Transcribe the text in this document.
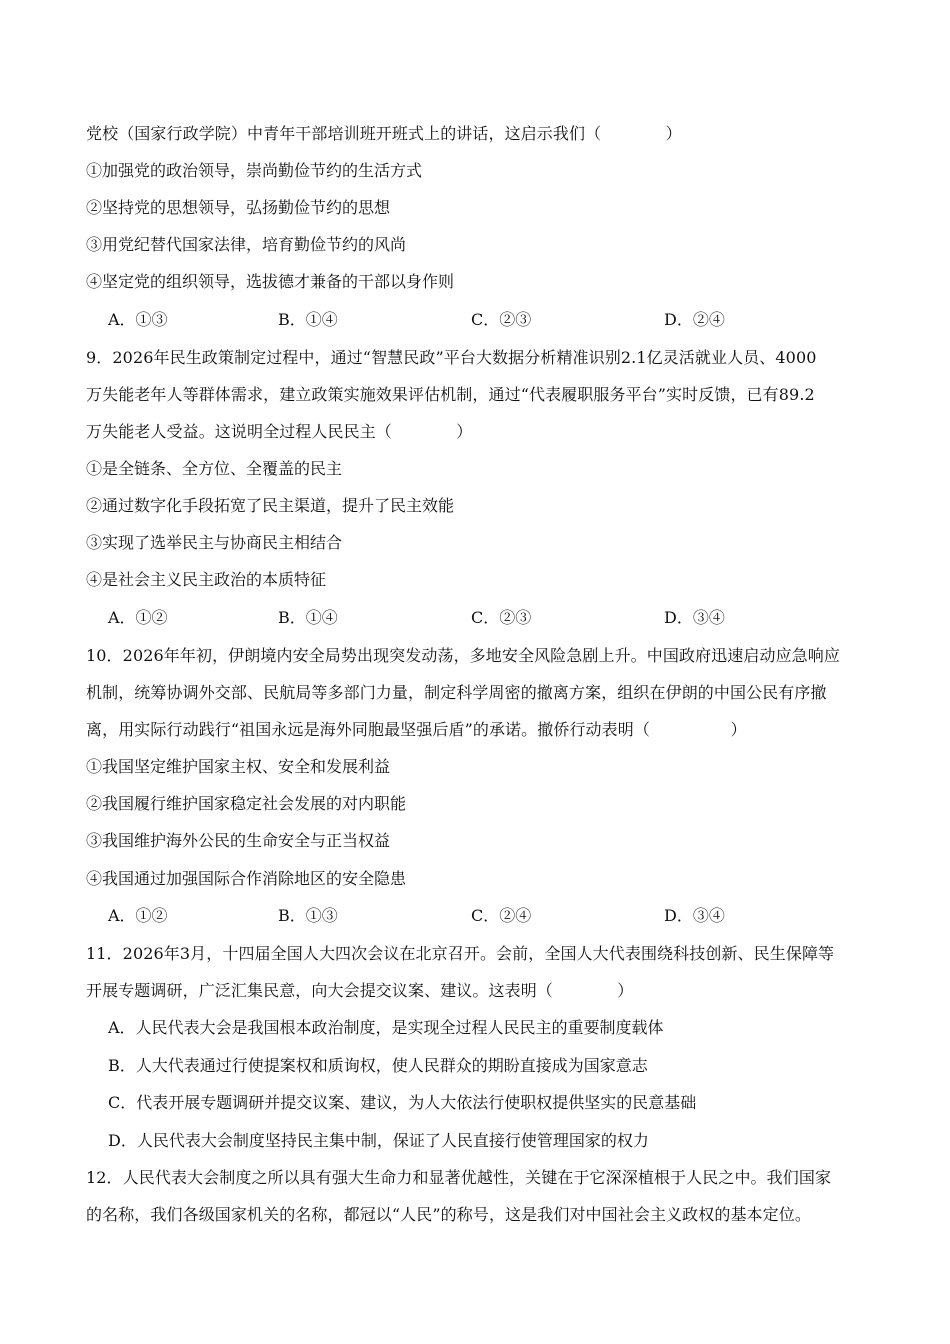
党校（国家行政学院）中青年干部培训班开班式上的讲话，这启示我们（　　　　）
①加强党的政治领导，崇尚勤俭节约的生活方式
②坚持党的思想领导，弘扬勤俭节约的思想
③用党纪替代国家法律，培育勤俭节约的风尚
④坚定党的组织领导，选拔德才兼备的干部以身作则
A．①③	B．①④	C．②③	D．②④
9．2026年民生政策制定过程中，通过“智慧民政”平台大数据分析精准识别2.1亿灵活就业人员、4000
万失能老年人等群体需求，建立政策实施效果评估机制，通过“代表履职服务平台”实时反馈，已有89.2
万失能老人受益。这说明全过程人民民主（　　　　）
①是全链条、全方位、全覆盖的民主
②通过数字化手段拓宽了民主渠道，提升了民主效能
③实现了选举民主与协商民主相结合
④是社会主义民主政治的本质特征
A．①②	B．①④	C．②③	D．③④
10．2026年年初，伊朗境内安全局势出现突发动荡，多地安全风险急剧上升。中国政府迅速启动应急响应
机制，统筹协调外交部、民航局等多部门力量，制定科学周密的撤离方案，组织在伊朗的中国公民有序撤
离，用实际行动践行“祖国永远是海外同胞最坚强后盾”的承诺。撤侨行动表明（　　　　　）
①我国坚定维护国家主权、安全和发展利益
②我国履行维护国家稳定社会发展的对内职能
③我国维护海外公民的生命安全与正当权益
④我国通过加强国际合作消除地区的安全隐患
A．①②	B．①③	C．②④	D．③④
11．2026年3月，十四届全国人大四次会议在北京召开。会前，全国人大代表围绕科技创新、民生保障等
开展专题调研，广泛汇集民意，向大会提交议案、建议。这表明（　　　　）
A．人民代表大会是我国根本政治制度，是实现全过程人民民主的重要制度载体
B．人大代表通过行使提案权和质询权，使人民群众的期盼直接成为国家意志
C．代表开展专题调研并提交议案、建议，为人大依法行使职权提供坚实的民意基础
D．人民代表大会制度坚持民主集中制，保证了人民直接行使管理国家的权力
12．人民代表大会制度之所以具有强大生命力和显著优越性，关键在于它深深植根于人民之中。我们国家
的名称，我们各级国家机关的名称，都冠以“人民”的称号，这是我们对中国社会主义政权的基本定位。
